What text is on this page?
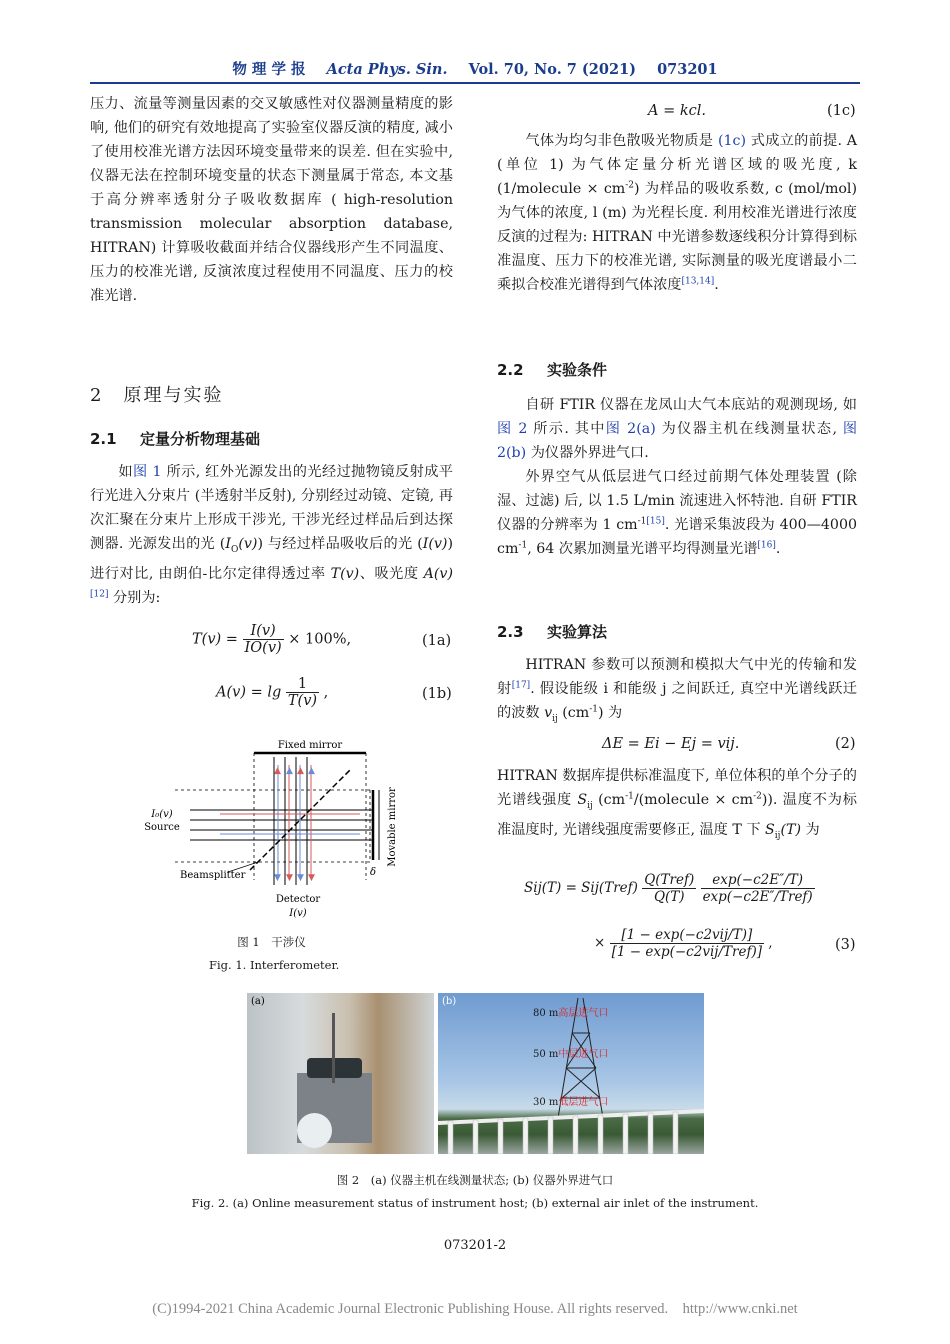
物 理 学 报 Acta Phys. Sin. Vol. 70, No. 7 (2021) 073201

压力、流量等测量因素的交叉敏感性对仪器测量精度的影响, 他们的研究有效地提高了实验室仪器反演的精度, 减小了使用校准光谱方法因环境变量带来的误差. 但在实验中, 仪器无法在控制环境变量的状态下测量属于常态, 本文基于高分辨率透射分子吸收数据库 ( high-resolution transmission molecular absorption database, HITRAN) 计算吸收截面并结合仪器线形产生不同温度、压力的校准光谱, 反演浓度过程使用不同温度、压力的校准光谱.

2　原理与实验
2.1 定量分析物理基础

如图 1 所示, 红外光源发出的光经过抛物镜反射成平行光进入分束片 (半透射半反射), 分别经过动镜、定镜, 再次汇聚在分束片上形成干涉光, 干涉光经过样品后到达探测器. 光源发出的光 $(I_O(v))$ 与经过样品吸收后的光 (I(v)) 进行对比, 由朗伯-比尔定律得透过率 T(v)、吸光度 A(v)[12] 分别为:

$T(v) = \frac{I(v)}{IO(v)} \times 100\%$,	(1a)
$A(v) = \lg \frac{1}{T(v)}$ ,	(1b)
Fixed mirror
▲ ▲ ▲ ▲
▼ ▼ ▼ ▼	δ
Movable mirror
I₀(v)
Source
Beamsplitter
Detector
I(v)
图 1　干涉仪
Fig. 1. Interferometer.
A = kcl.	(1c)

气体为均匀非色散吸光物质是 (1c) 式成立的前提. A (单位 1) 为气体定量分析光谱区域的吸光度, k (1/molecule × $cm^{-2}$) 为样品的吸收系数, c (mol/mol) 为气体的浓度, l (m) 为光程长度. 利用校准光谱进行浓度反演的过程为: HITRAN 中光谱参数逐线积分计算得到标准温度、压力下的校准光谱, 实际测量的吸光度谱最小二乘拟合校准光谱得到气体浓度[13,14].

2.2 实验条件

自研 FTIR 仪器在龙凤山大气本底站的观测现场, 如图 2 所示. 其中图 2(a) 为仪器主机在线测量状态, 图 2(b) 为仪器外界进气口.

外界空气从低层进气口经过前期气体处理装置 (除湿、过滤) 后, 以 1.5 L/min 流速进入怀特池. 自研 FTIR 仪器的分辨率为 1 cm$^{-1[15]}$. 光谱采集波段为 400—4000 $cm^{-1}$, 64 次累加测量光谱平均得测量光谱[16].

2.3 实验算法

HITRAN 参数可以预测和模拟大气中光的传输和发射[17]. 假设能级 i 和能级 j 之间跃迁, 真空中光谱线跃迁的波数 $v_{ij}$ $(cm^{-1})$ 为

ΔE = Ei − Ej = vij.	(2)

HITRAN 数据库提供标准温度下, 单位体积的单个分子的光谱线强度 $S_{ij}$ $(cm^{-1}/(molecule \times cm^{-2}))$. 温度不为标准温度时, 光谱线强度需要修正, 温度 T 下 $S_{ij}(T)$ 为

Sij(T) = Sij(Tref) $\frac{\text{Q(Tref)}}{Q(T)}$
$\frac{\exp(-c2E''/T)}{\text{exp(−c2E″/Tref)}}$
× $\frac{\text{[1 − exp(−c2vij/T)]}}{\text{[1 − exp(−c2vij/Tref)]}}$ ,	(3)
(a)	(b)
80 m高层进气口
50 m中层进气口
30 m低层进气口
图 2　(a) 仪器主机在线测量状态; (b) 仪器外界进气口
Fig. 2. (a) Online measurement status of instrument host; (b) external air inlet of the instrument.
073201-2
(C)1994-2021 China Academic Journal Electronic Publishing House. All rights reserved.　http://www.cnki.net
